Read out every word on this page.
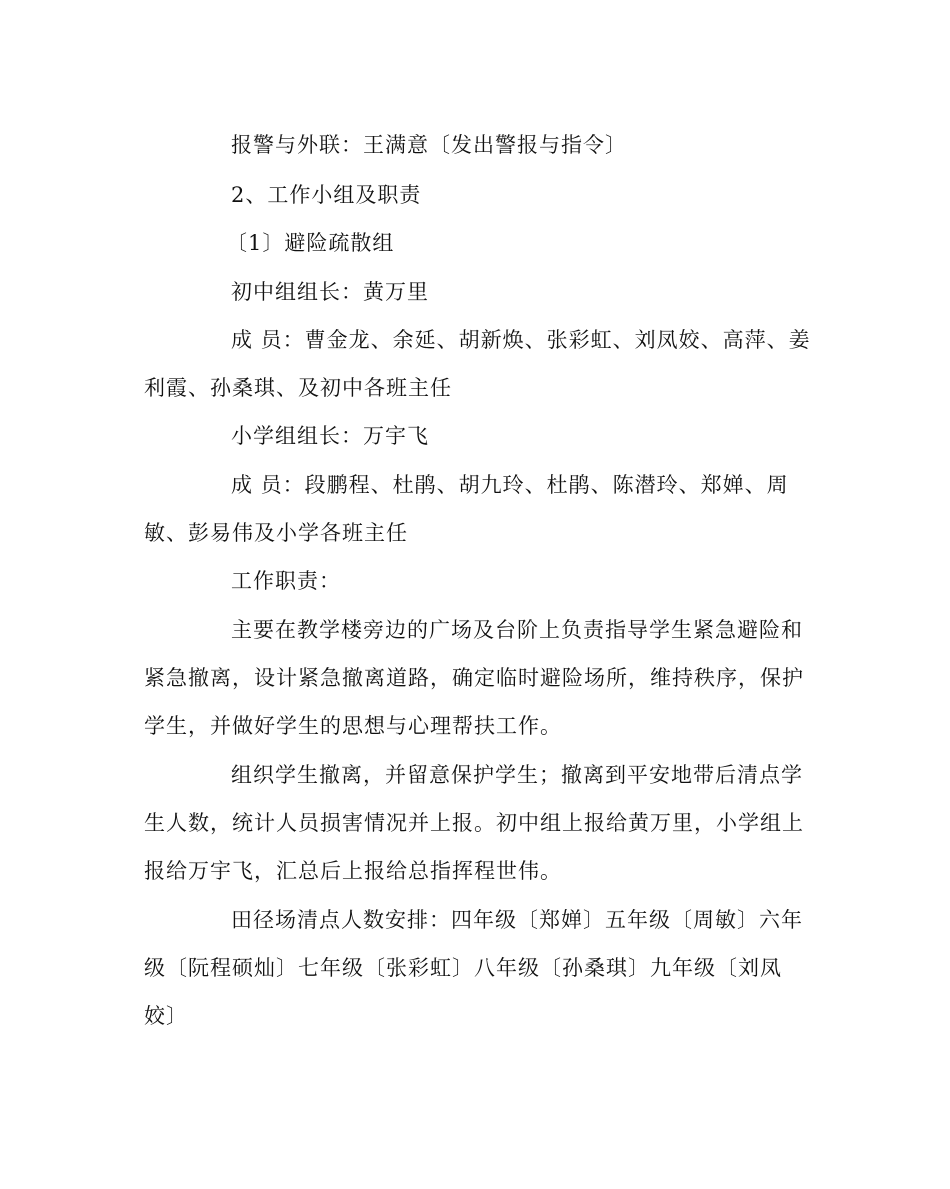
报警与外联：王满意〔发出警报与指令〕
2、工作小组及职责
〔1〕避险疏散组
初中组组长：黄万里
成 员：曹金龙、余延、胡新焕、张彩虹、刘凤姣、高萍、姜
利霞、孙桑琪、及初中各班主任
小学组组长：万宇飞
成 员：段鹏程、杜鹃、胡九玲、杜鹃、陈潜玲、郑婵、周
敏、彭易伟及小学各班主任
工作职责：
主要在教学楼旁边的广场及台阶上负责指导学生紧急避险和
紧急撤离，设计紧急撤离道路，确定临时避险场所，维持秩序，保护
学生，并做好学生的思想与心理帮扶工作。
组织学生撤离，并留意保护学生；撤离到平安地带后清点学
生人数，统计人员损害情况并上报。初中组上报给黄万里，小学组上
报给万宇飞，汇总后上报给总指挥程世伟。
田径场清点人数安排：四年级〔郑婵〕五年级〔周敏〕六年
级〔阮程硕灿〕七年级〔张彩虹〕八年级〔孙桑琪〕九年级〔刘凤
姣〕
